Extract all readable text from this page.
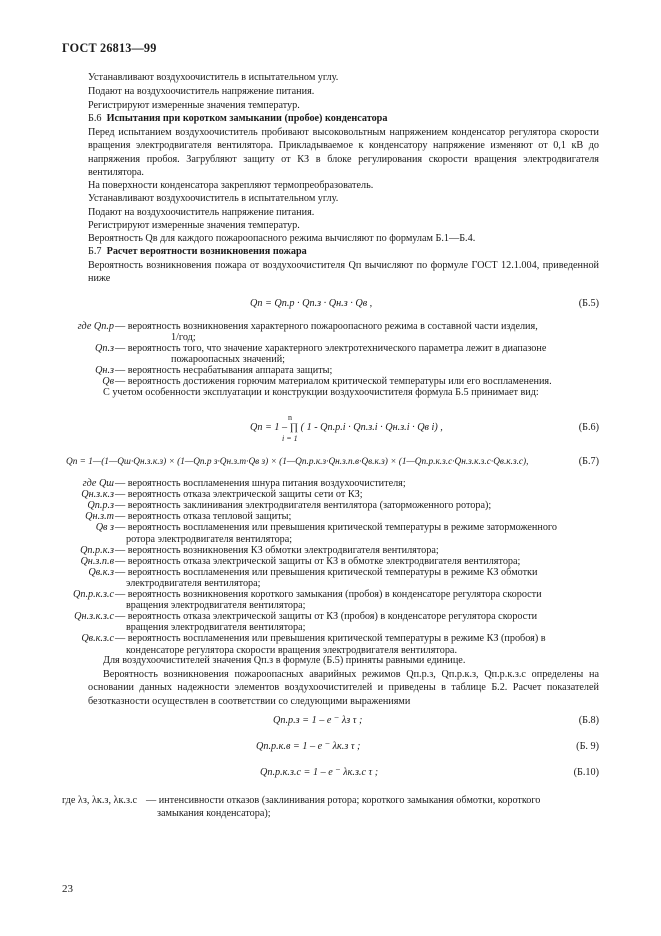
ГОСТ 26813—99
Устанавливают воздухоочиститель в испытательном углу.
Подают на воздухоочиститель напряжение питания.
Регистрируют измеренные значения температур.
Б.6 Испытания при коротком замыкании (пробое) конденсатора
Перед испытанием воздухоочиститель пробивают высоковольтным напряжением конденсатор регулятора скорости вращения электродвигателя вентилятора. Прикладываемое к конденсатору напряжение изменяют от 0,1 кВ до напряжения пробоя. Загрубляют защиту от КЗ в блоке регулирования скорости вращения электродвигателя вентилятора.
На поверхности конденсатора закрепляют термопреобразователь.
Устанавливают воздухоочиститель в испытательном углу.
Подают на воздухоочиститель напряжение питания.
Регистрируют измеренные значения температур.
Вероятность Qв для каждого пожароопасного режима вычисляют по формулам Б.1—Б.4.
Б.7 Расчет вероятности возникновения пожара
Вероятность возникновения пожара от воздухоочистителя Qп вычисляют по формуле ГОСТ 12.1.004, приведенной ниже
Qп = Qп.р · Qп.з · Qн.з · Qв ,	(Б.5)
где Qп.р — вероятность возникновения характерного пожароопасного режима в составной части изделия,
1/год;
Qп.з — вероятность того, что значение характерного электротехнического параметра лежит в диапазоне
пожароопасных значений;
Qн.з — вероятность несрабатывания аппарата защиты;
Qв — вероятность достижения горючим материалом критической температуры или его воспламенения.
С учетом особенности эксплуатации и конструкции воздухоочистителя формула Б.5 принимает вид:
n
Qп = 1 – ∏ ( 1 - Qп.р.i · Qп.з.i · Qн.з.i · Qв i) ,
i = 1
(Б.6)
Qп = 1—(1—Qш·Qн.з.к.з) × (1—Qп.р з·Qн.з.т·Qв з) × (1—Qп.р.к.з·Qн.з.п.в·Qв.к.з) × (1—Qп.р.к.з.с·Qн.з.к.з.с·Qв.к.з.с),	(Б.7)
где Qш — вероятность воспламенения шнура питания воздухоочистителя;
Qн.з.к.з — вероятность отказа электрической защиты сети от КЗ;
Qп.р.з — вероятность заклинивания электродвигателя вентилятора (заторможенного ротора);
Qн.з.т — вероятность отказа тепловой защиты;
Qв з — вероятность воспламенения или превышения критической температуры в режиме заторможенного
ротора электродвигателя вентилятора;
Qп.р.к.з — вероятность возникновения КЗ обмотки электродвигателя вентилятора;
Qн.з.п.в — вероятность отказа электрической защиты от КЗ в обмотке электродвигателя вентилятора;
Qв.к.з — вероятность воспламенения или превышения критической температуры в режиме КЗ обмотки
электродвигателя вентилятора;
Qп.р.к.з.с — вероятность возникновения короткого замыкания (пробоя) в конденсаторе регулятора скорости
вращения электродвигателя вентилятора;
Qн.з.к.з.с — вероятность отказа электрической защиты от КЗ (пробоя) в конденсаторе регулятора скорости
вращения электродвигателя вентилятора;
Qв.к.з.с — вероятность воспламенения или превышения критической температуры в режиме КЗ (пробоя) в
конденсаторе регулятора скорости вращения электродвигателя вентилятора.
Для воздухоочистителей значения Qп.з в формуле (Б.5) приняты равными единице.
Вероятность возникновения пожароопасных аварийных режимов Qп.р.з, Qп.р.к.з, Qп.р.к.з.с определены на основании данных надежности элементов воздухоочистителей и приведены в таблице Б.2. Расчет показателей безотказности осуществлен в соответствии со следующими выражениями
Qп.р.з = 1 – e ⁻ λз τ ;	(Б.8)
Qп.р.к.в = 1 – e ⁻ λк.з τ ;	(Б. 9)
Qп.р.к.з.с = 1 – e ⁻ λк.з.с τ ;	(Б.10)
где λз, λк.з, λк.з.с — интенсивности отказов (заклинивания ротора; короткого замыкания обмотки, короткого
замыкания конденсатора);
23
